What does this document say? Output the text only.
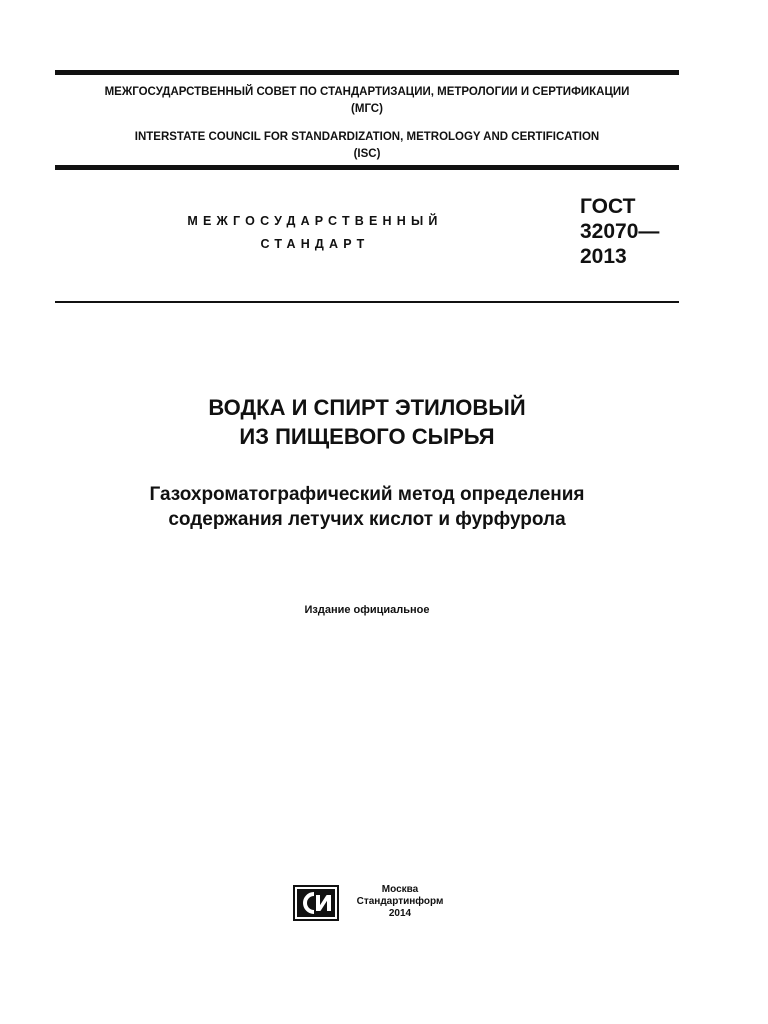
МЕЖГОСУДАРСТВЕННЫЙ СОВЕТ ПО СТАНДАРТИЗАЦИИ, МЕТРОЛОГИИ И СЕРТИФИКАЦИИ
(МГС)
INTERSTATE COUNCIL FOR STANDARDIZATION, METROLOGY AND CERTIFICATION
(ISC)
МЕЖГОСУДАРСТВЕННЫЙ
СТАНДАРТ
ГОСТ
32070—
2013
ВОДКА И СПИРТ ЭТИЛОВЫЙ
ИЗ ПИЩЕВОГО СЫРЬЯ
Газохроматографический метод определения
содержания летучих кислот и фурфурола
Издание официальное
Москва
Стандартинформ
2014
